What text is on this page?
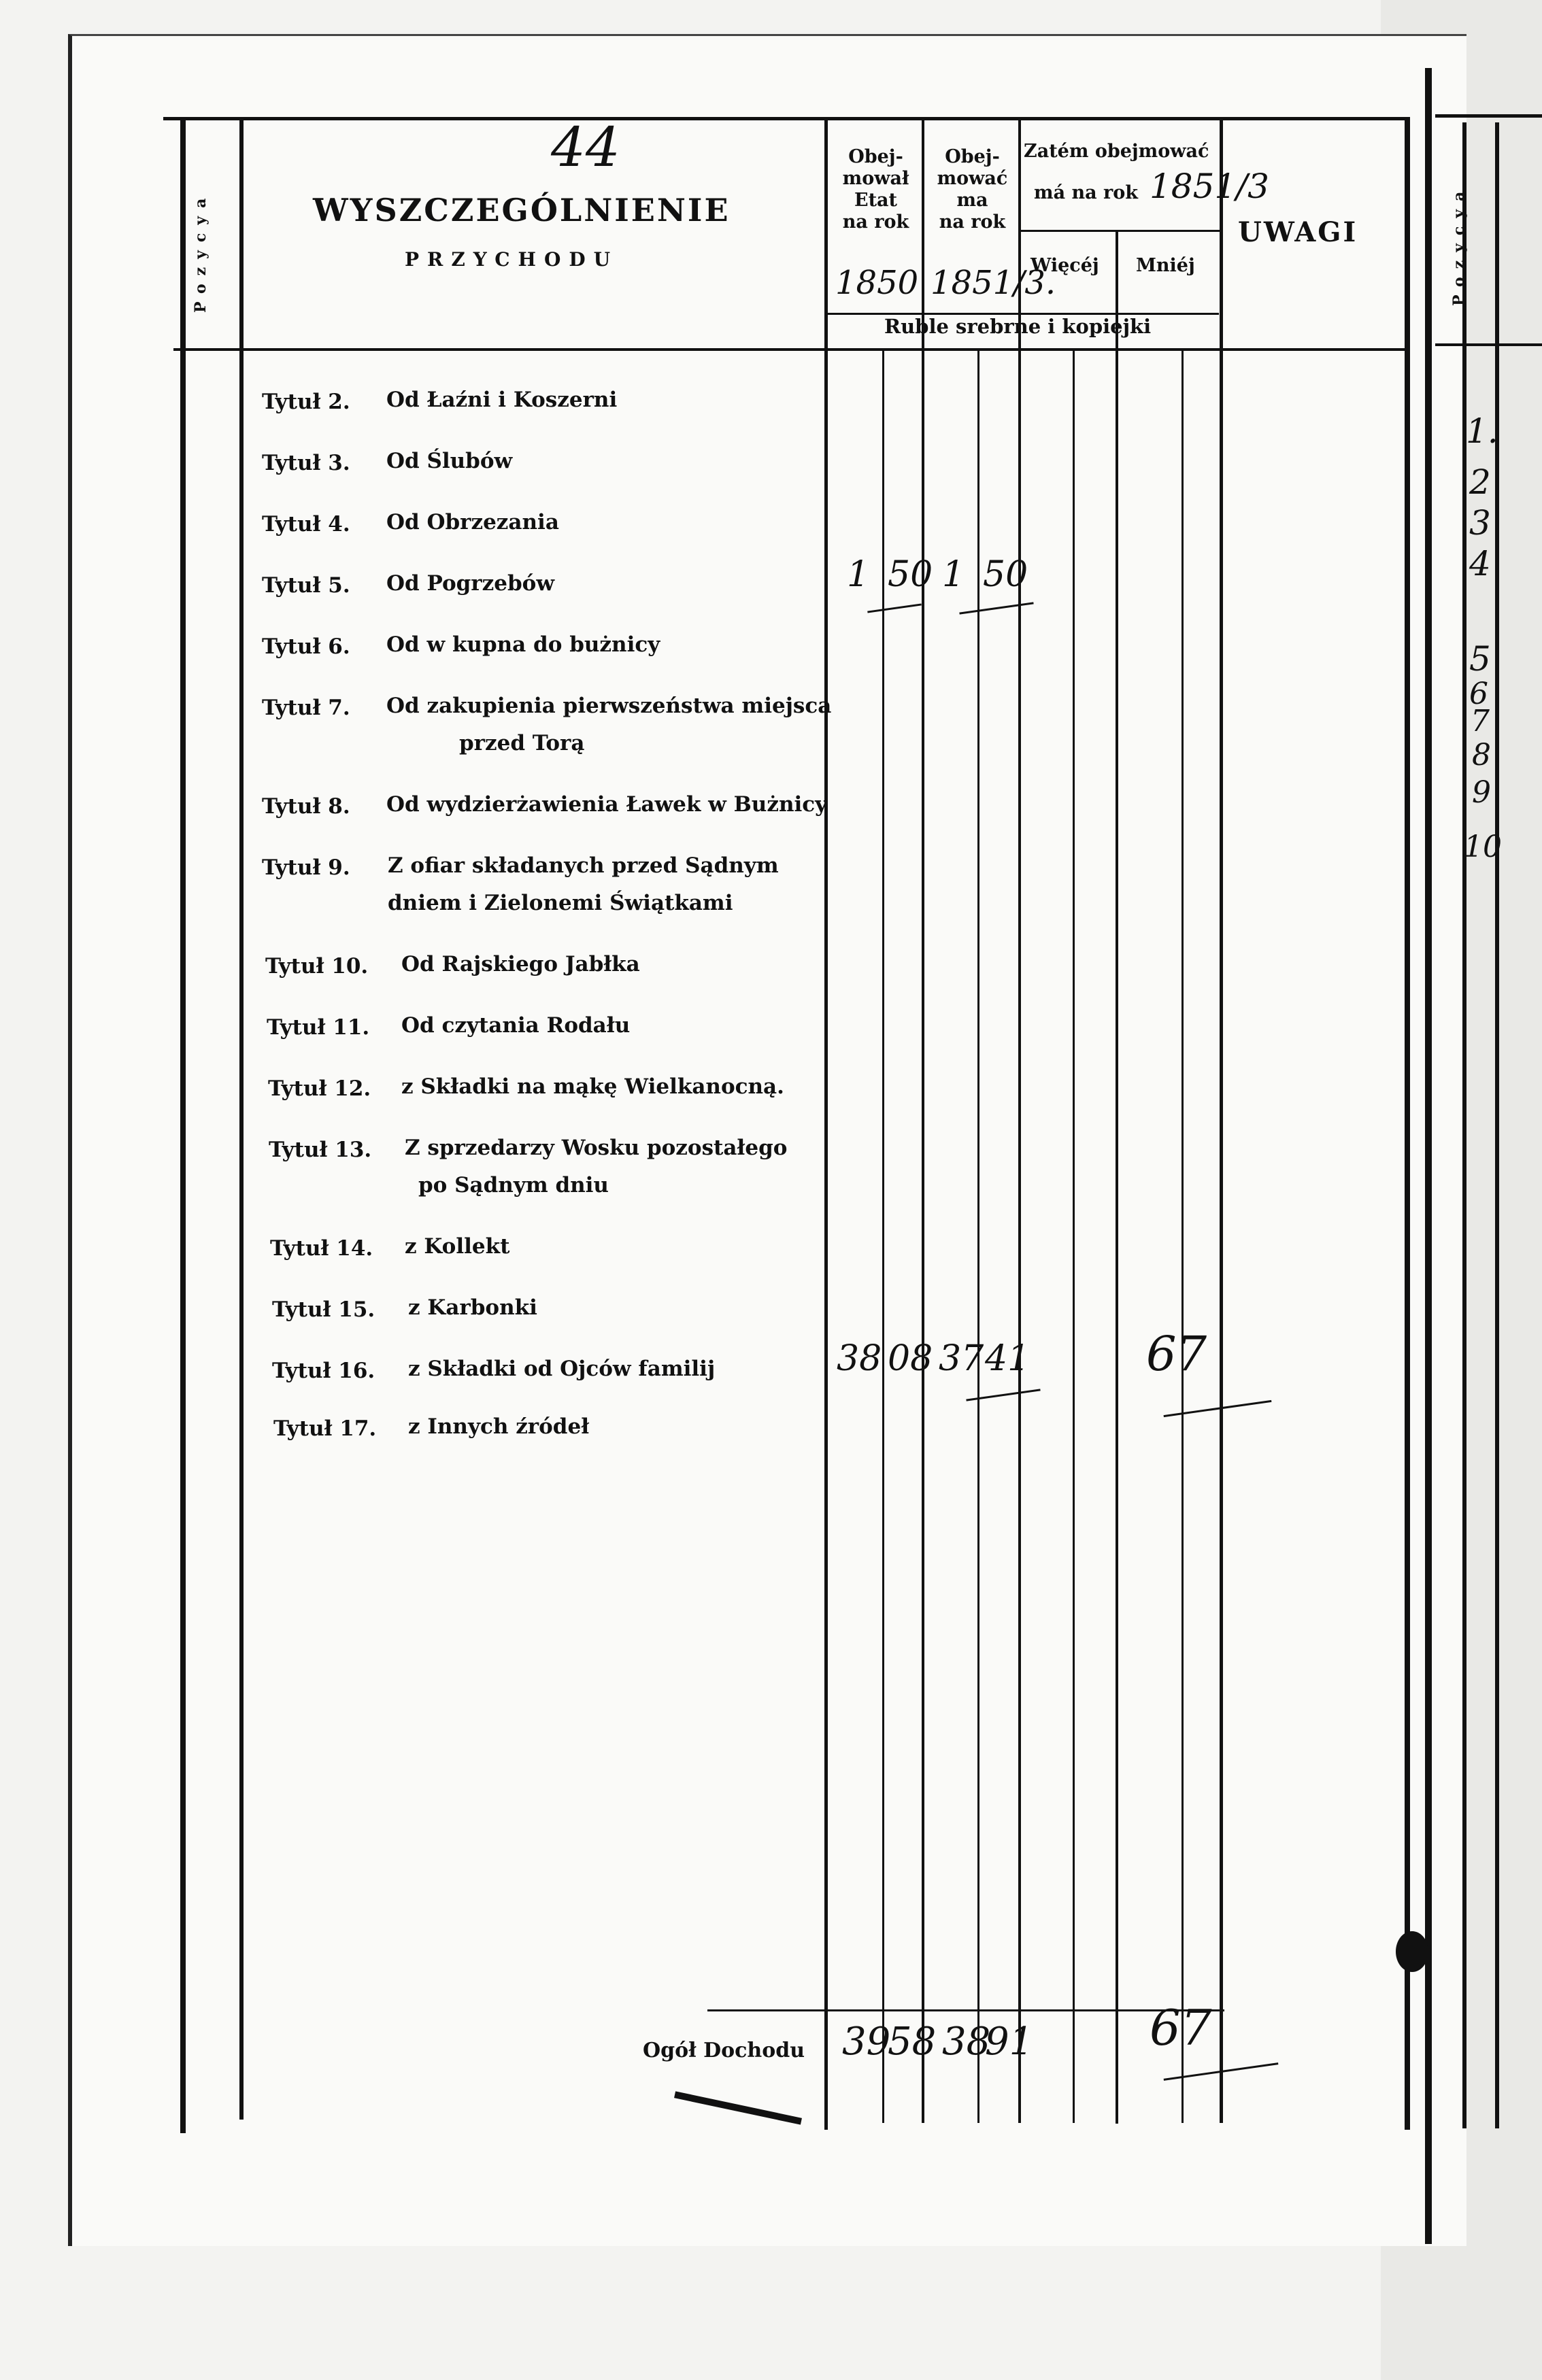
Pozycya
44
WYSZCZEGÓLNIENIE
PRZYCHODU
Obej-
mował
Etat
na rok
1850
Obej-
mować
ma
na rok
1851/3.
Zatém obejmować
má na rok 1851/3
Więcéj Mniéj
UWAGI
Ruble srebrne i kopiejki
Tytuł 2. Od Łaźni i Koszerni
Tytuł 3. Od Ślubów
Tytuł 4. Od Obrzezania
Tytuł 5. Od Pogrzebów	1 50 1 50
Tytuł 6. Od w kupna do bużnicy
Tytuł 7. Od zakupienia pierwszeństwa miejsca
przed Torą
Tytuł 8. Od wydzierżawienia Ławek w Bużnicy
Tytuł 9. Z ofiar składanych przed Sądnym
dniem i Zielonemi Świątkami
Tytuł 10. Od Rajskiego Jabłka
Tytuł 11. Od czytania Rodału
Tytuł 12. z Składki na mąkę Wielkanocną.
Tytuł 13. Z sprzedarzy Wosku pozostałego
po Sądnym dniu
Tytuł 14. z Kollekt
Tytuł 15. z Karbonki
Tytuł 16. z Składki od Ojców familij	38 08 37 41 67
Tytuł 17. z Innych źródeł
Ogół Dochodu 39
58 38
91 67
Pozycya
1.
2
3
4
5
6
7
8
9
10
